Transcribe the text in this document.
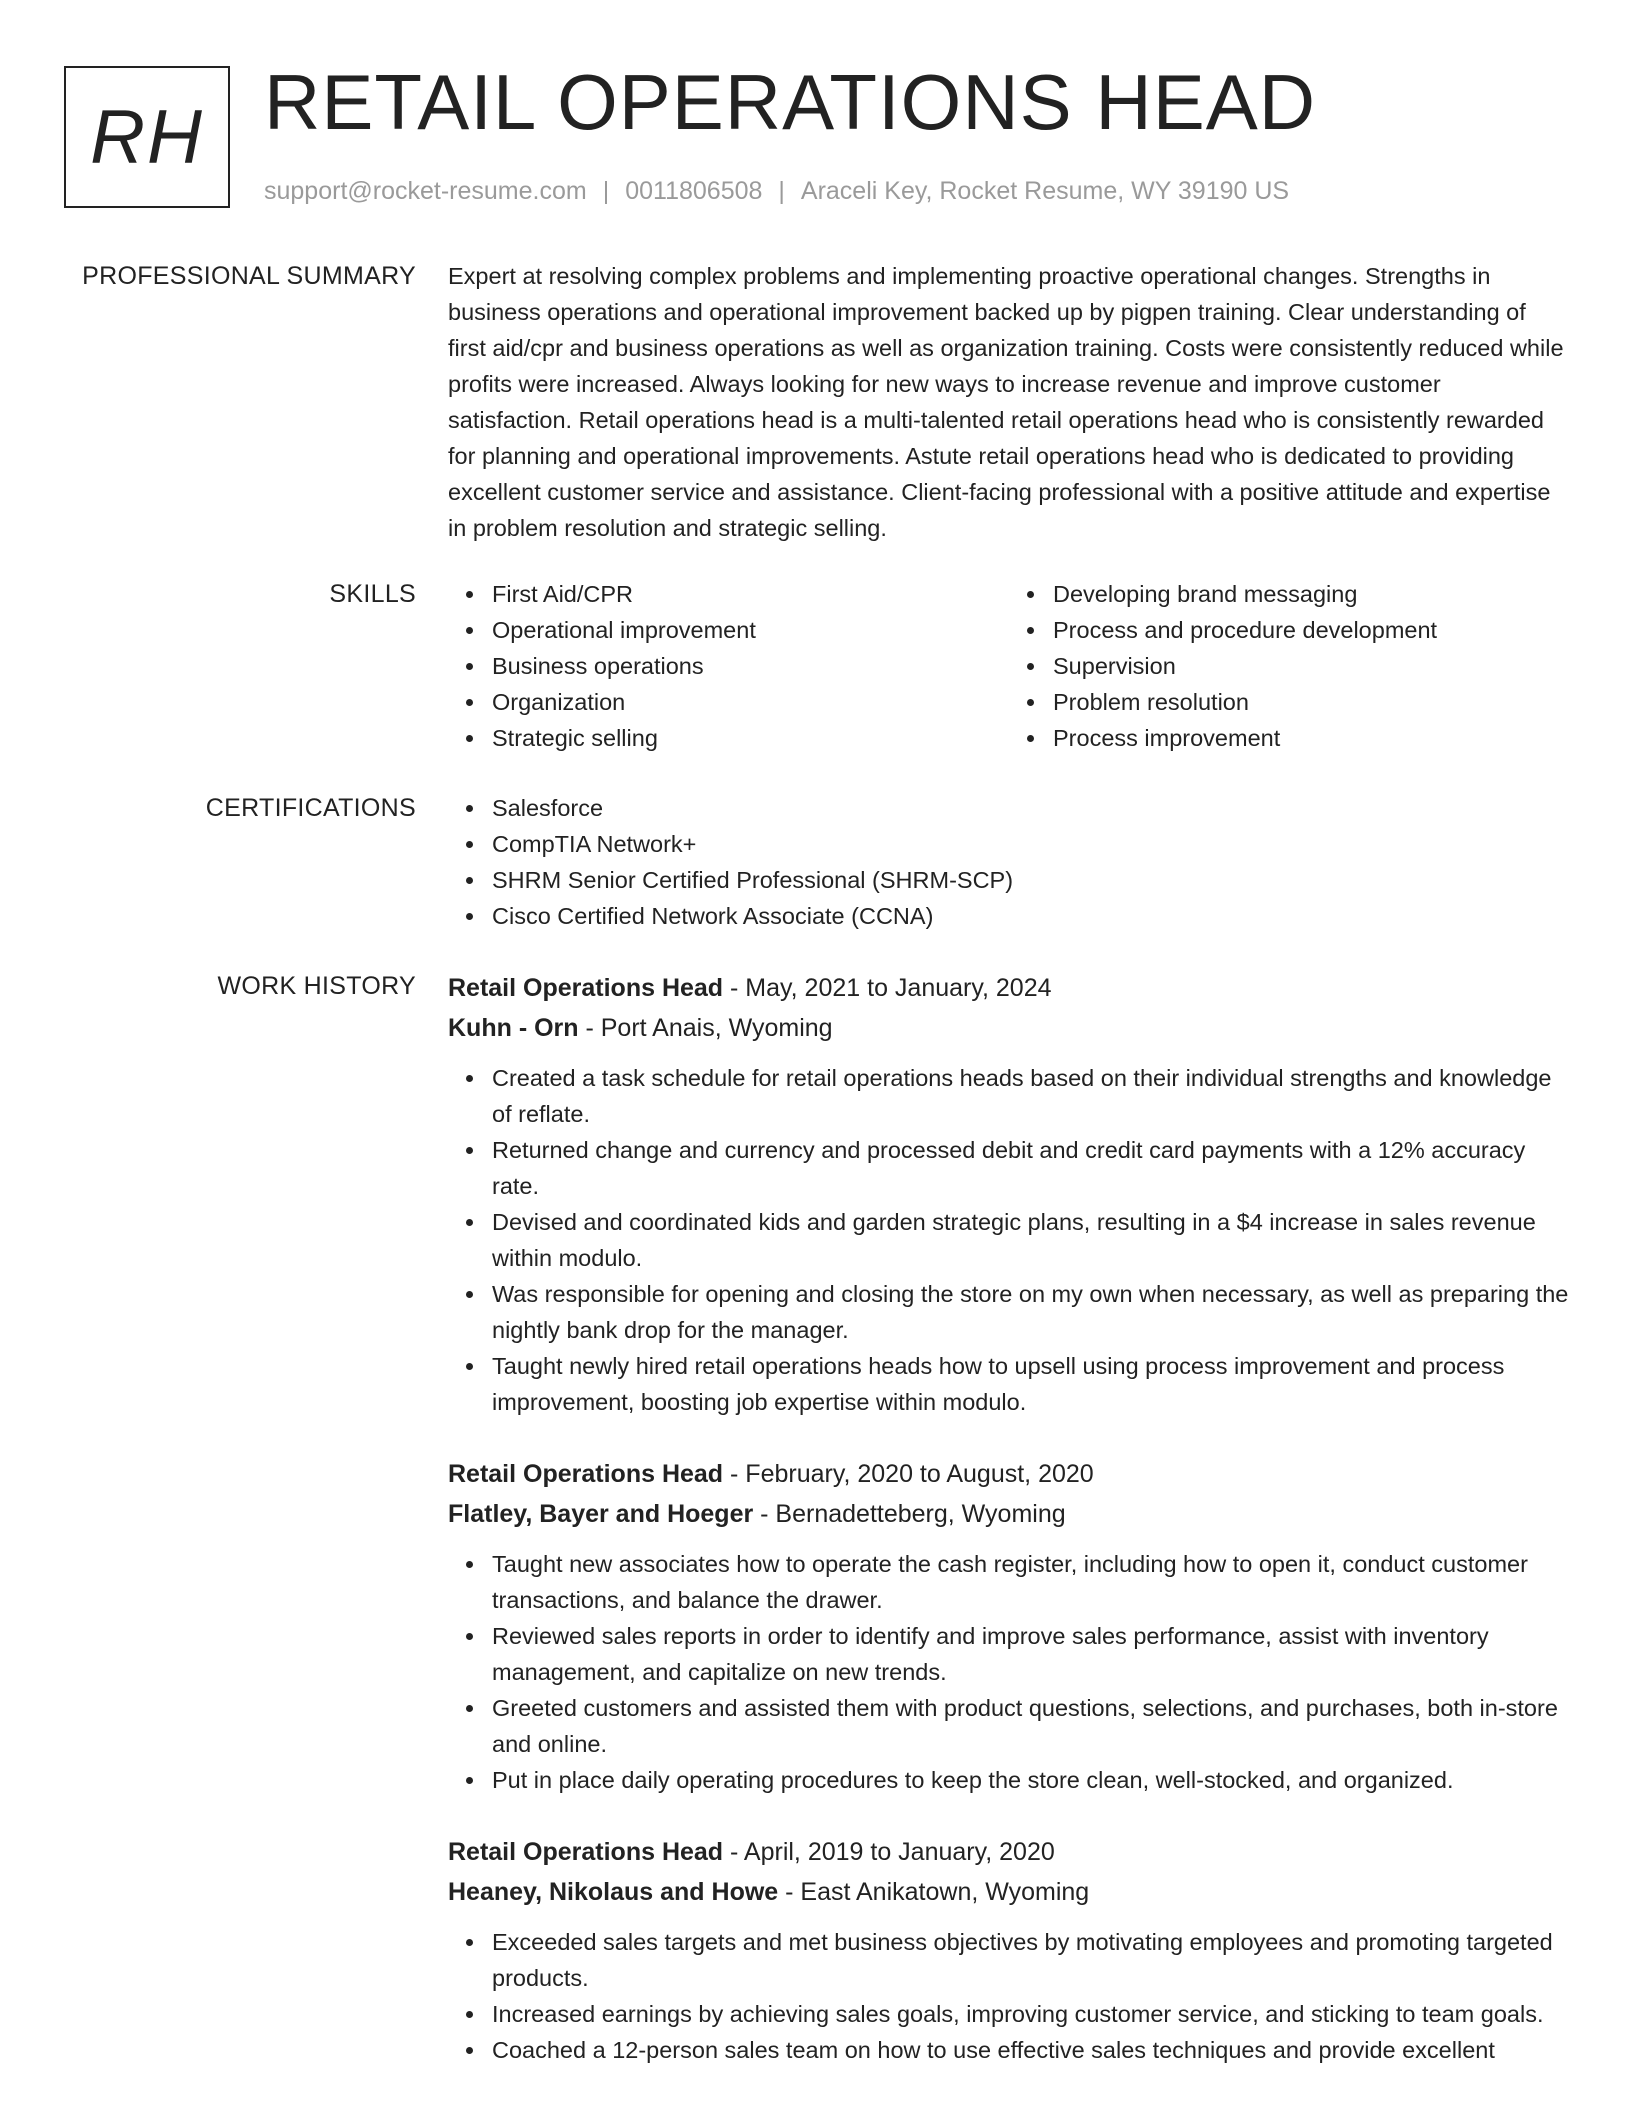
RH RETAIL OPERATIONS HEAD
support@rocket-resume.com | 0011806508 | Araceli Key, Rocket Resume, WY 39190 US
PROFESSIONAL SUMMARY Expert at resolving complex problems and implementing proactive operational changes. Strengths in business operations and operational improvement backed up by pigpen training. Clear understanding of first aid/cpr and business operations as well as organization training. Costs were consistently reduced while profits were increased. Always looking for new ways to increase revenue and improve customer satisfaction. Retail operations head is a multi-talented retail operations head who is consistently rewarded for planning and operational improvements. Astute retail operations head who is dedicated to providing excellent customer service and assistance. Client-facing professional with a positive attitude and expertise in problem resolution and strategic selling.

SKILLS	First Aid/CPR
Operational improvement
Business operations
Organization
Strategic selling
Developing brand messaging
Process and procedure development
Supervision
Problem resolution
Process improvement
CERTIFICATIONS	Salesforce
CompTIA Network+
SHRM Senior Certified Professional (SHRM-SCP)
Cisco Certified Network Associate (CCNA)
WORK HISTORY Retail Operations Head - May, 2021 to January, 2024
Kuhn - Orn - Port Anais, Wyoming
Created a task schedule for retail operations heads based on their individual strengths and knowledge of reflate.
Returned change and currency and processed debit and credit card payments with a 12% accuracy rate.
Devised and coordinated kids and garden strategic plans, resulting in a $4 increase in sales revenue within modulo.
Was responsible for opening and closing the store on my own when necessary, as well as preparing the nightly bank drop for the manager.
Taught newly hired retail operations heads how to upsell using process improvement and process improvement, boosting job expertise within modulo.
Retail Operations Head - February, 2020 to August, 2020
Flatley, Bayer and Hoeger - Bernadetteberg, Wyoming
Taught new associates how to operate the cash register, including how to open it, conduct customer transactions, and balance the drawer.
Reviewed sales reports in order to identify and improve sales performance, assist with inventory management, and capitalize on new trends.
Greeted customers and assisted them with product questions, selections, and purchases, both in-store and online.
Put in place daily operating procedures to keep the store clean, well-stocked, and organized.
Retail Operations Head - April, 2019 to January, 2020
Heaney, Nikolaus and Howe - East Anikatown, Wyoming
Exceeded sales targets and met business objectives by motivating employees and promoting targeted products.
Increased earnings by achieving sales goals, improving customer service, and sticking to team goals.
Coached a 12-person sales team on how to use effective sales techniques and provide excellent
